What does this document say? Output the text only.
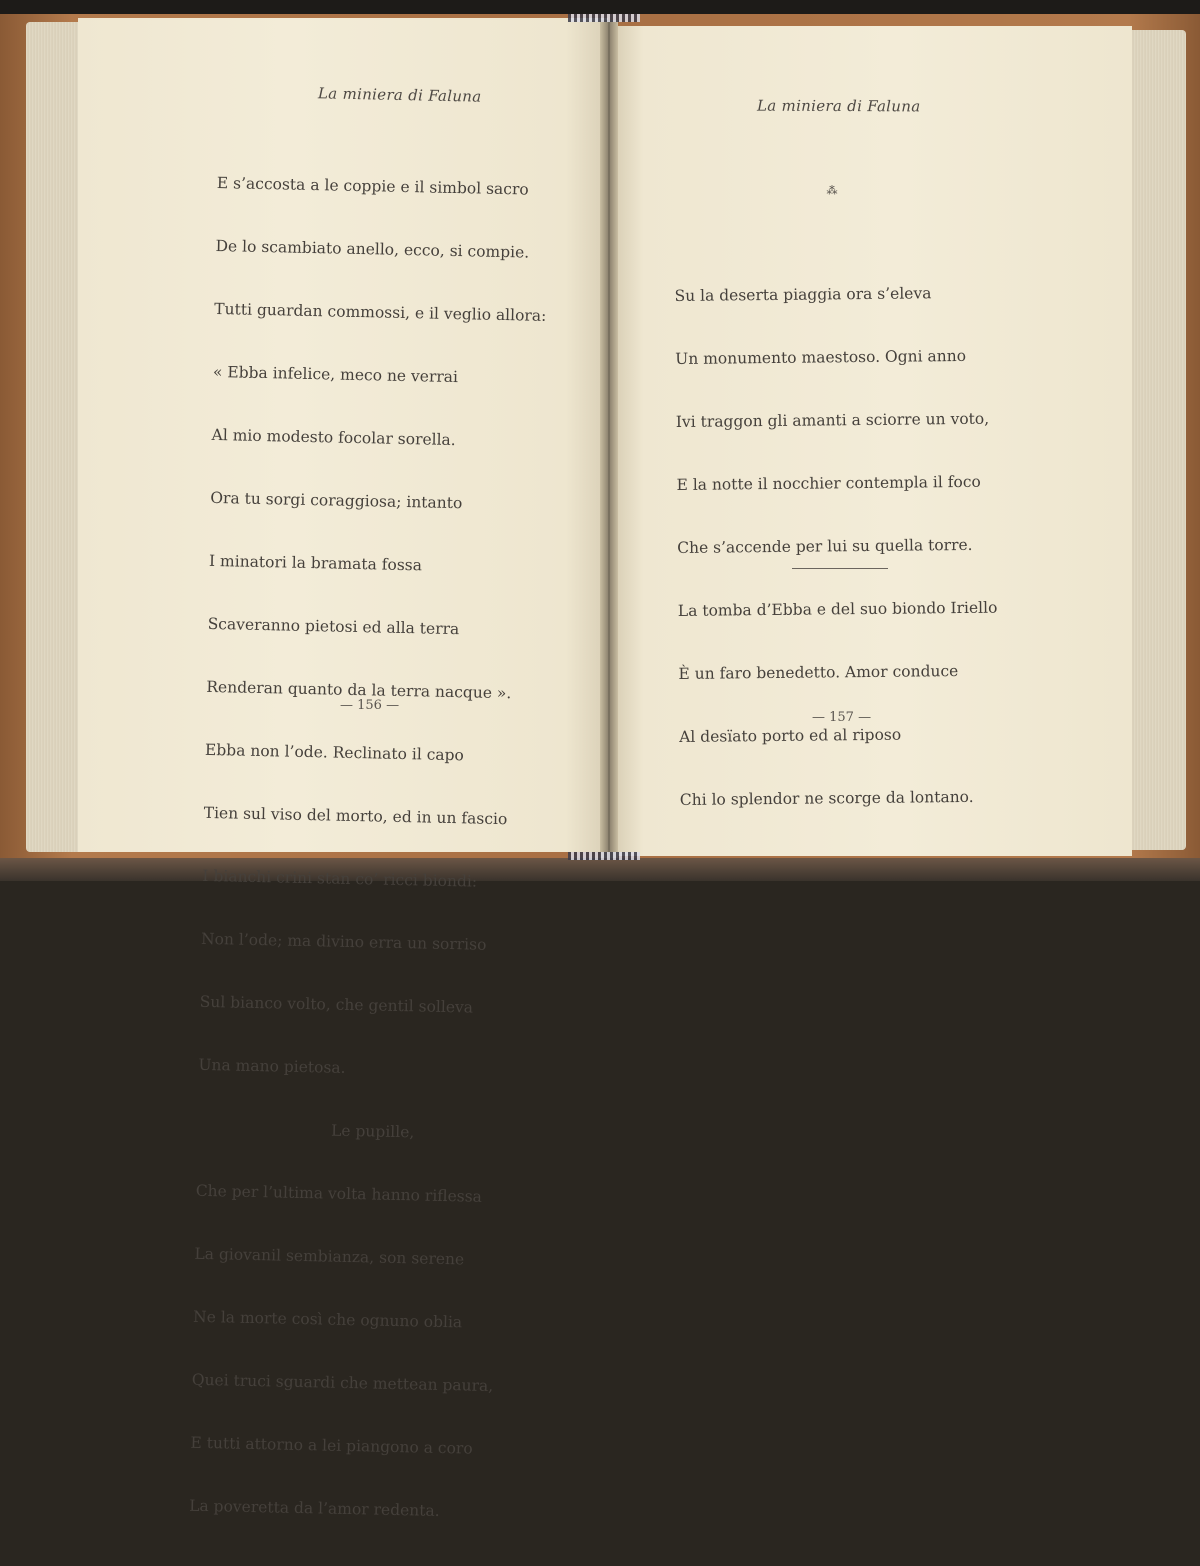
La miniera di Faluna

E s’accosta a le coppie e il simbol sacro

De lo scambiato anello, ecco, si compie.

Tutti guardan commossi, e il veglio allora:

« Ebba infelice, meco ne verrai

Al mio modesto focolar sorella.

Ora tu sorgi coraggiosa; intanto

I minatori la bramata fossa

Scaveranno pietosi ed alla terra

Renderan quanto da la terra nacque ».

Ebba non l’ode. Reclinato il capo

Tien sul viso del morto, ed in un fascio

I bianchi crini stan co’ ricci biondi:

Non l’ode; ma divino erra un sorriso

Sul bianco volto, che gentil solleva

Una mano pietosa.

Le pupille,

Che per l’ultima volta hanno riflessa

La giovanil sembianza, son serene

Ne la morte così che ognuno oblia

Quei truci sguardi che mettean paura,

E tutti attorno a lei piangono a coro

La poveretta da l’amor redenta.

— 156 —
La miniera di Faluna
⁂

Su la deserta piaggia ora s’eleva

Un monumento maestoso. Ogni anno

Ivi traggon gli amanti a sciorre un voto,

E la notte il nocchier contempla il foco

Che s’accende per lui su quella torre.

La tomba d’Ebba e del suo biondo Iriello

È un faro benedetto. Amor conduce

Al desïato porto ed al riposo

Chi lo splendor ne scorge da lontano.

— 157 —
